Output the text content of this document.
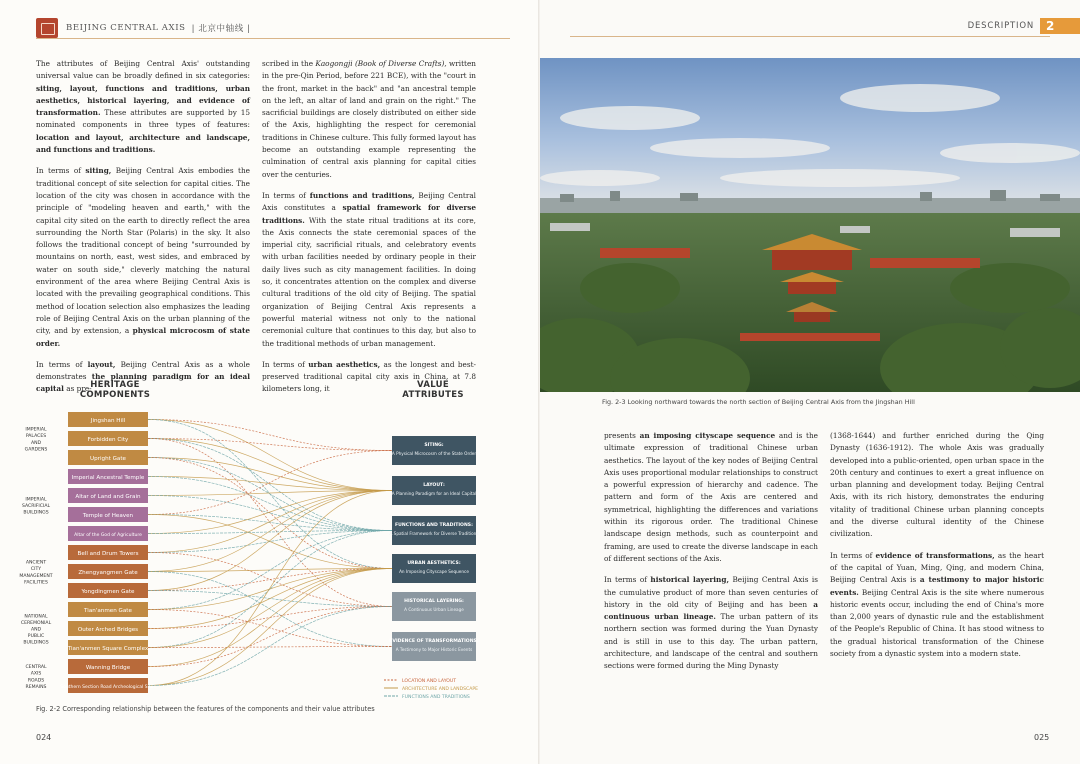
BEIJING CENTRAL AXIS | 北京中轴线 |

The attributes of Beijing Central Axis' outstanding universal value can be broadly defined in six categories: siting, layout, functions and traditions, urban aesthetics, historical layering, and evidence of transformation. These attributes are supported by 15 nominated components in three types of features: location and layout, architecture and landscape, and functions and traditions.

In terms of siting, Beijing Central Axis embodies the traditional concept of site selection for capital cities. The location of the city was chosen in accordance with the principle of "modeling heaven and earth," with the capital city sited on the earth to directly reflect the area surrounding the North Star (Polaris) in the sky. It also follows the traditional concept of being "surrounded by mountains on north, east, west sides, and embraced by water on south side," cleverly matching the natural environment of the area where Beijing Central Axis is located with the prevailing geographical conditions. This method of location selection also emphasizes the leading role of Beijing Central Axis on the urban planning of the city, and by extension, a physical microcosm of state order.

In terms of layout, Beijing Central Axis as a whole demonstrates the planning paradigm for an ideal capital as pre-

scribed in the Kaogongji (Book of Diverse Crafts), written in the pre-Qin Period, before 221 BCE), with the "court in the front, market in the back" and "an ancestral temple on the left, an altar of land and grain on the right." The sacrificial buildings are closely distributed on either side of the Axis, highlighting the respect for ceremonial traditions in Chinese culture. This fully formed layout has become an outstanding example representing the culmination of central axis planning for capital cities over the centuries.

In terms of functions and traditions, Beijing Central Axis constitutes a spatial framework for diverse traditions. With the state ritual traditions at its core, the Axis connects the state ceremonial spaces of the imperial city, sacrificial rituals, and celebratory events with urban facilities needed by ordinary people in their daily lives such as city management facilities. In doing so, it concentrates attention on the complex and diverse cultural traditions of the old city of Beijing. The spatial organization of Beijing Central Axis represents a powerful material witness not only to the national ceremonial culture that continues to this day, but also to the traditional methods of urban management.

In terms of urban aesthetics, as the longest and best-preserved traditional capital city axis in China, at 7.8 kilometers long, it

HERITAGE COMPONENTS
VALUE ATTRIBUTES
Jingshan Hill
Forbidden City
Upright Gate
Imperial Ancestral Temple
Altar of Land and Grain
Temple of Heaven
Altar of the God of Agriculture
Bell and Drum Towers
Zhengyangmen Gate
Yongdingmen Gate
Tian'anmen Gate
Outer Arched Bridges
Tian'anmen Square Complex
Wanning Bridge
Southern Section Road Archeological Sites
IMPERIAL
PALACES
AND
GARDENS
IMPERIAL
SACRIFICIAL
BUILDINGS
ANCIENT
CITY
MANAGEMENT
FACILITIES
NATIONAL
CEREMONIAL
AND
PUBLIC
BUILDINGS
CENTRAL
AXIS
ROADS
REMAINS
SITING:
A Physical Microcosm of the State Order
LAYOUT:
A Planning Paradigm for an Ideal Capital
FUNCTIONS AND TRADITIONS:
A Spatial Framework for Diverse Traditions
URBAN AESTHETICS:
An Imposing Cityscape Sequence
HISTORICAL LAYERING:
A Continuous Urban Lineage
EVIDENCE OF TRANSFORMATIONS:
A Testimony to Major Historic Events
LOCATION AND LAYOUT
ARCHITECTURE AND LANDSCAPE
FUNCTIONS AND TRADITIONS
Fig. 2-2 Corresponding relationship between the features of the components and their value attributes
024
DESCRIPTION	2
Fig. 2-3 Looking northward towards the north section of Beijing Central Axis from the Jingshan Hill

presents an imposing cityscape sequence and is the ultimate expression of traditional Chinese urban aesthetics. The layout of the key nodes of Beijing Central Axis uses proportional modular relationships to construct a powerful expression of hierarchy and cadence. The pattern and form of the Axis are centered and symmetrical, highlighting the differences and variations within its rigorous order. The traditional Chinese landscape design methods, such as counterpoint and framing, are used to create the diverse landscape in each of different sections of the Axis.

In terms of historical layering, Beijing Central Axis is the cumulative product of more than seven centuries of history in the old city of Beijing and has been a continuous urban lineage. The urban pattern of its northern section was formed during the Yuan Dynasty and is still in use to this day. The urban pattern, architecture, and landscape of the central and southern sections were formed during the Ming Dynasty

(1368-1644) and further enriched during the Qing Dynasty (1636-1912). The whole Axis was gradually developed into a public-oriented, open urban space in the 20th century and continues to exert a great influence on urban planning and development today. Beijing Central Axis, with its rich history, demonstrates the enduring vitality of traditional Chinese urban planning concepts and the diverse cultural identity of the Chinese civilization.

In terms of evidence of transformations, as the heart of the capital of Yuan, Ming, Qing, and modern China, Beijing Central Axis is a testimony to major historic events. Beijing Central Axis is the site where numerous historic events occur, including the end of China's more than 2,000 years of dynastic rule and the establishment of the People's Republic of China. It has stood witness to the gradual historical transformation of the Chinese society from a dynastic system into a modern state.

025
